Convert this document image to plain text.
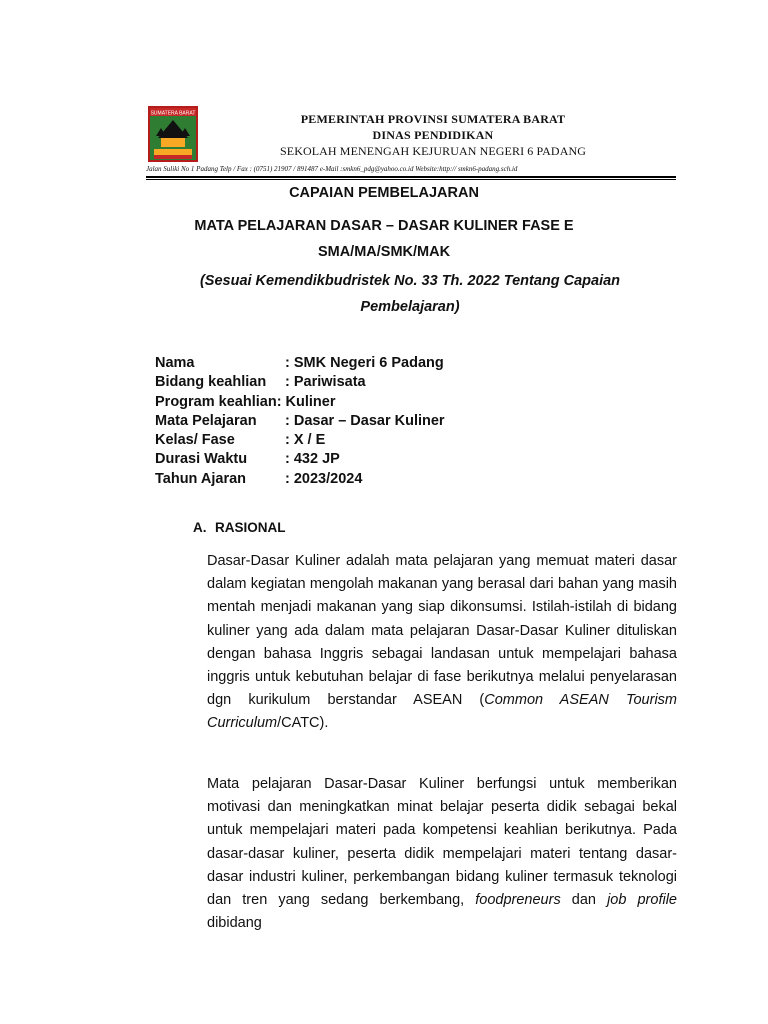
SUMATERA BARAT	PEMERINTAH PROVINSI SUMATERA BARAT
DINAS PENDIDIKAN
SEKOLAH MENENGAH KEJURUAN NEGERI 6 PADANG
Jalan Suliki No 1 Padang Telp / Fax : (0751) 21907 / 891487 e-Mail :smkn6_pdg@yahoo.co.id Website:http:// smkn6-padang.sch.id
CAPAIAN PEMBELAJARAN
MATA PELAJARAN DASAR – DASAR KULINER FASE E
SMA/MA/SMK/MAK
(Sesuai Kemendikbudristek No. 33 Th. 2022 Tentang Capaian Pembelajaran)
Nama	: SMK Negeri 6 Padang
Bidang keahlian	: Pariwisata
Program keahlian : Kuliner
Mata Pelajaran	: Dasar – Dasar Kuliner
Kelas/ Fase	: X / E
Durasi Waktu	: 432 JP
Tahun Ajaran	: 2023/2024
A. RASIONAL

Dasar-Dasar Kuliner adalah mata pelajaran yang memuat materi dasar dalam kegiatan mengolah makanan yang berasal dari bahan yang masih mentah menjadi makanan yang siap dikonsumsi. Istilah-istilah di bidang kuliner yang ada dalam mata pelajaran Dasar-Dasar Kuliner dituliskan dengan bahasa Inggris sebagai landasan untuk mempelajari bahasa inggris untuk kebutuhan belajar di fase berikutnya melalui penyelarasan dgn kurikulum berstandar ASEAN (Common ASEAN Tourism Curriculum/CATC).

Mata pelajaran Dasar-Dasar Kuliner berfungsi untuk memberikan motivasi dan meningkatkan minat belajar peserta didik sebagai bekal untuk mempelajari materi pada kompetensi keahlian berikutnya. Pada dasar-dasar kuliner, peserta didik mempelajari materi tentang dasar- dasar industri kuliner, perkembangan bidang kuliner termasuk teknologi dan tren yang sedang berkembang, foodpreneurs dan job profile dibidang
